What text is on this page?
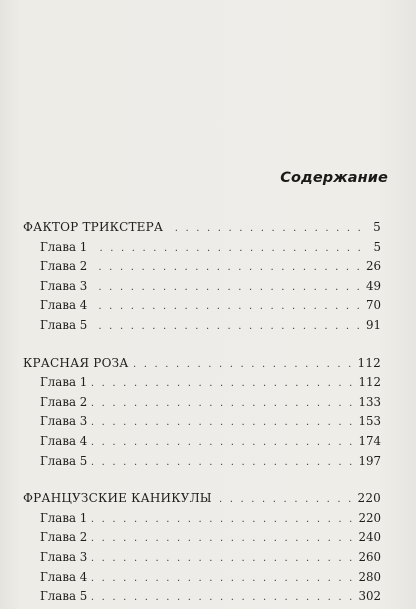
Содержание
ФАКТОР ТРИКСТЕРА . . .	5
Глава 1 . . .	5
Глава 2 . . .	26
Глава 3 . . .	49
Глава 4 . . .	70
Глава 5 . . .	91
КРАСНАЯ РОЗА . . .	112
Глава 1 . . .	112
Глава 2 . . .	133
Глава 3 . . .	153
Глава 4 . . .	174
Глава 5 . . .	197
ФРАНЦУЗСКИЕ КАНИКУЛЫ . . .	220
Глава 1 . . .	220
Глава 2 . . .	240
Глава 3 . . .	260
Глава 4 . . .	280
Глава 5 . . .	302
